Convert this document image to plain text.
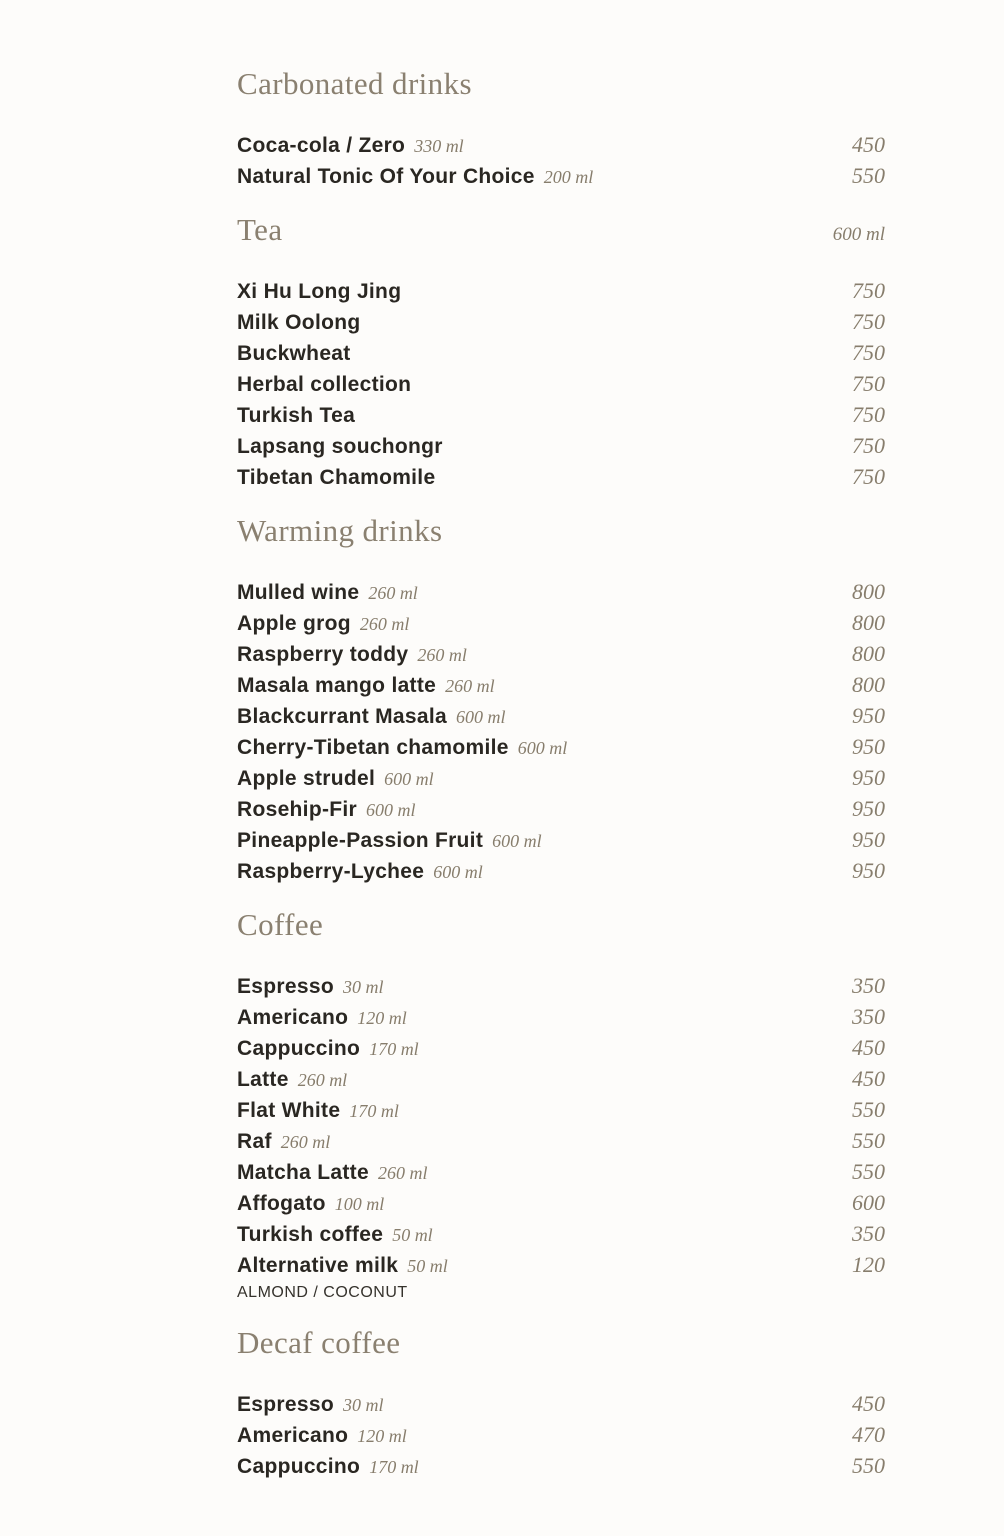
Carbonated drinks
Coca-cola / Zero 330 ml	450
Natural Tonic Of Your Choice 200 ml	550
Tea	600 ml
Xi Hu Long Jing	750
Milk Oolong	750
Buckwheat	750
Herbal collection	750
Turkish Tea	750
Lapsang souchongr	750
Tibetan Chamomile	750
Warming drinks
Mulled wine 260 ml	800
Apple grog 260 ml	800
Raspberry toddy 260 ml	800
Masala mango latte 260 ml	800
Blackcurrant Masala 600 ml	950
Cherry-Tibetan chamomile 600 ml	950
Apple strudel 600 ml	950
Rosehip-Fir 600 ml	950
Pineapple-Passion Fruit 600 ml	950
Raspberry-Lychee 600 ml	950
Coffee
Espresso 30 ml	350
Americano 120 ml	350
Cappuccino 170 ml	450
Latte 260 ml	450
Flat White 170 ml	550
Raf 260 ml	550
Matcha Latte 260 ml	550
Affogato 100 ml	600
Turkish coffee 50 ml	350
Alternative milk 50 ml	120
ALMOND / COCONUT
Decaf coffee
Espresso 30 ml	450
Americano 120 ml	470
Cappuccino 170 ml	550
